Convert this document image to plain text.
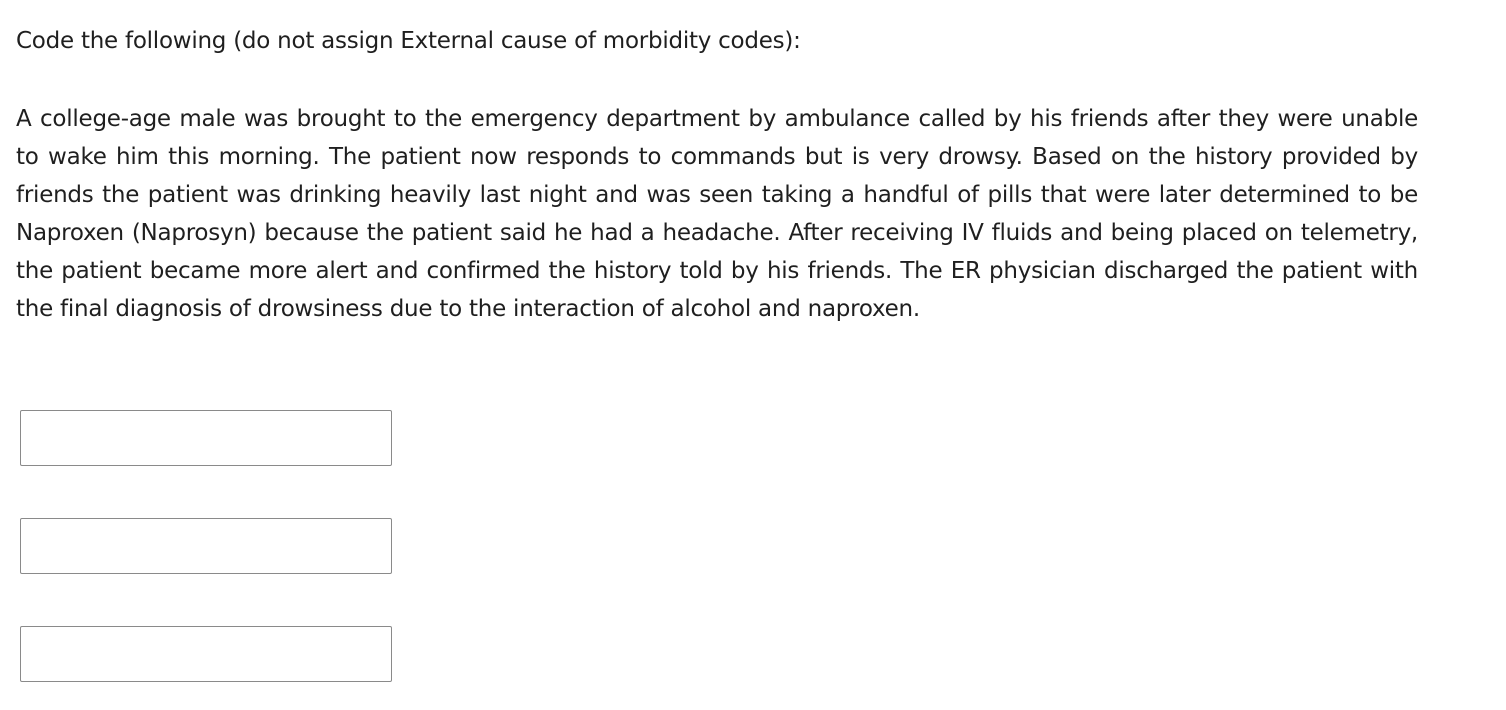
Code the following (do not assign External cause of morbidity codes):

A college-age male was brought to the emergency department by ambulance called by his friends after they were unable to wake him this morning. The patient now responds to commands but is very drowsy. Based on the history provided by friends the patient was drinking heavily last night and was seen taking a handful of pills that were later determined to be Naproxen (Naprosyn) because the patient said he had a headache. After receiving IV fluids and being placed on telemetry, the patient became more alert and confirmed the history told by his friends. The ER physician discharged the patient with the final diagnosis of drowsiness due to the interaction of alcohol and naproxen.
